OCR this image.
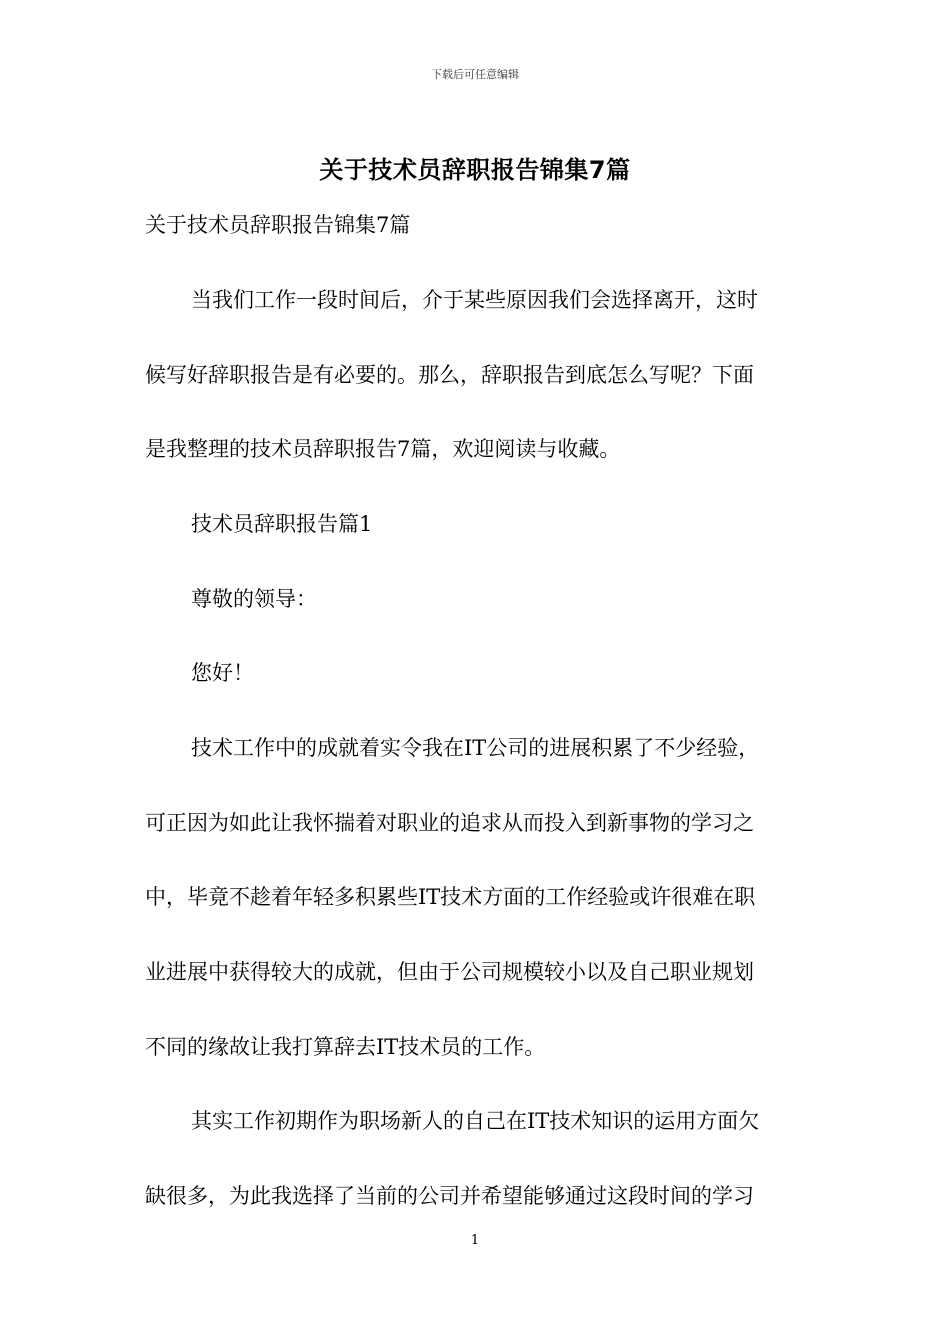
下载后可任意编辑
关于技术员辞职报告锦集7篇
关于技术员辞职报告锦集7篇
当我们工作一段时间后，介于某些原因我们会选择离开，这时
候写好辞职报告是有必要的。那么，辞职报告到底怎么写呢？下面
是我整理的技术员辞职报告7篇，欢迎阅读与收藏。
技术员辞职报告篇1
尊敬的领导：
您好！
技术工作中的成就着实令我在IT公司的进展积累了不少经验，
可正因为如此让我怀揣着对职业的追求从而投入到新事物的学习之
中，毕竟不趁着年轻多积累些IT技术方面的工作经验或许很难在职
业进展中获得较大的成就，但由于公司规模较小以及自己职业规划
不同的缘故让我打算辞去IT技术员的工作。
其实工作初期作为职场新人的自己在IT技术知识的运用方面欠
缺很多，为此我选择了当前的公司并希望能够通过这段时间的学习
1
